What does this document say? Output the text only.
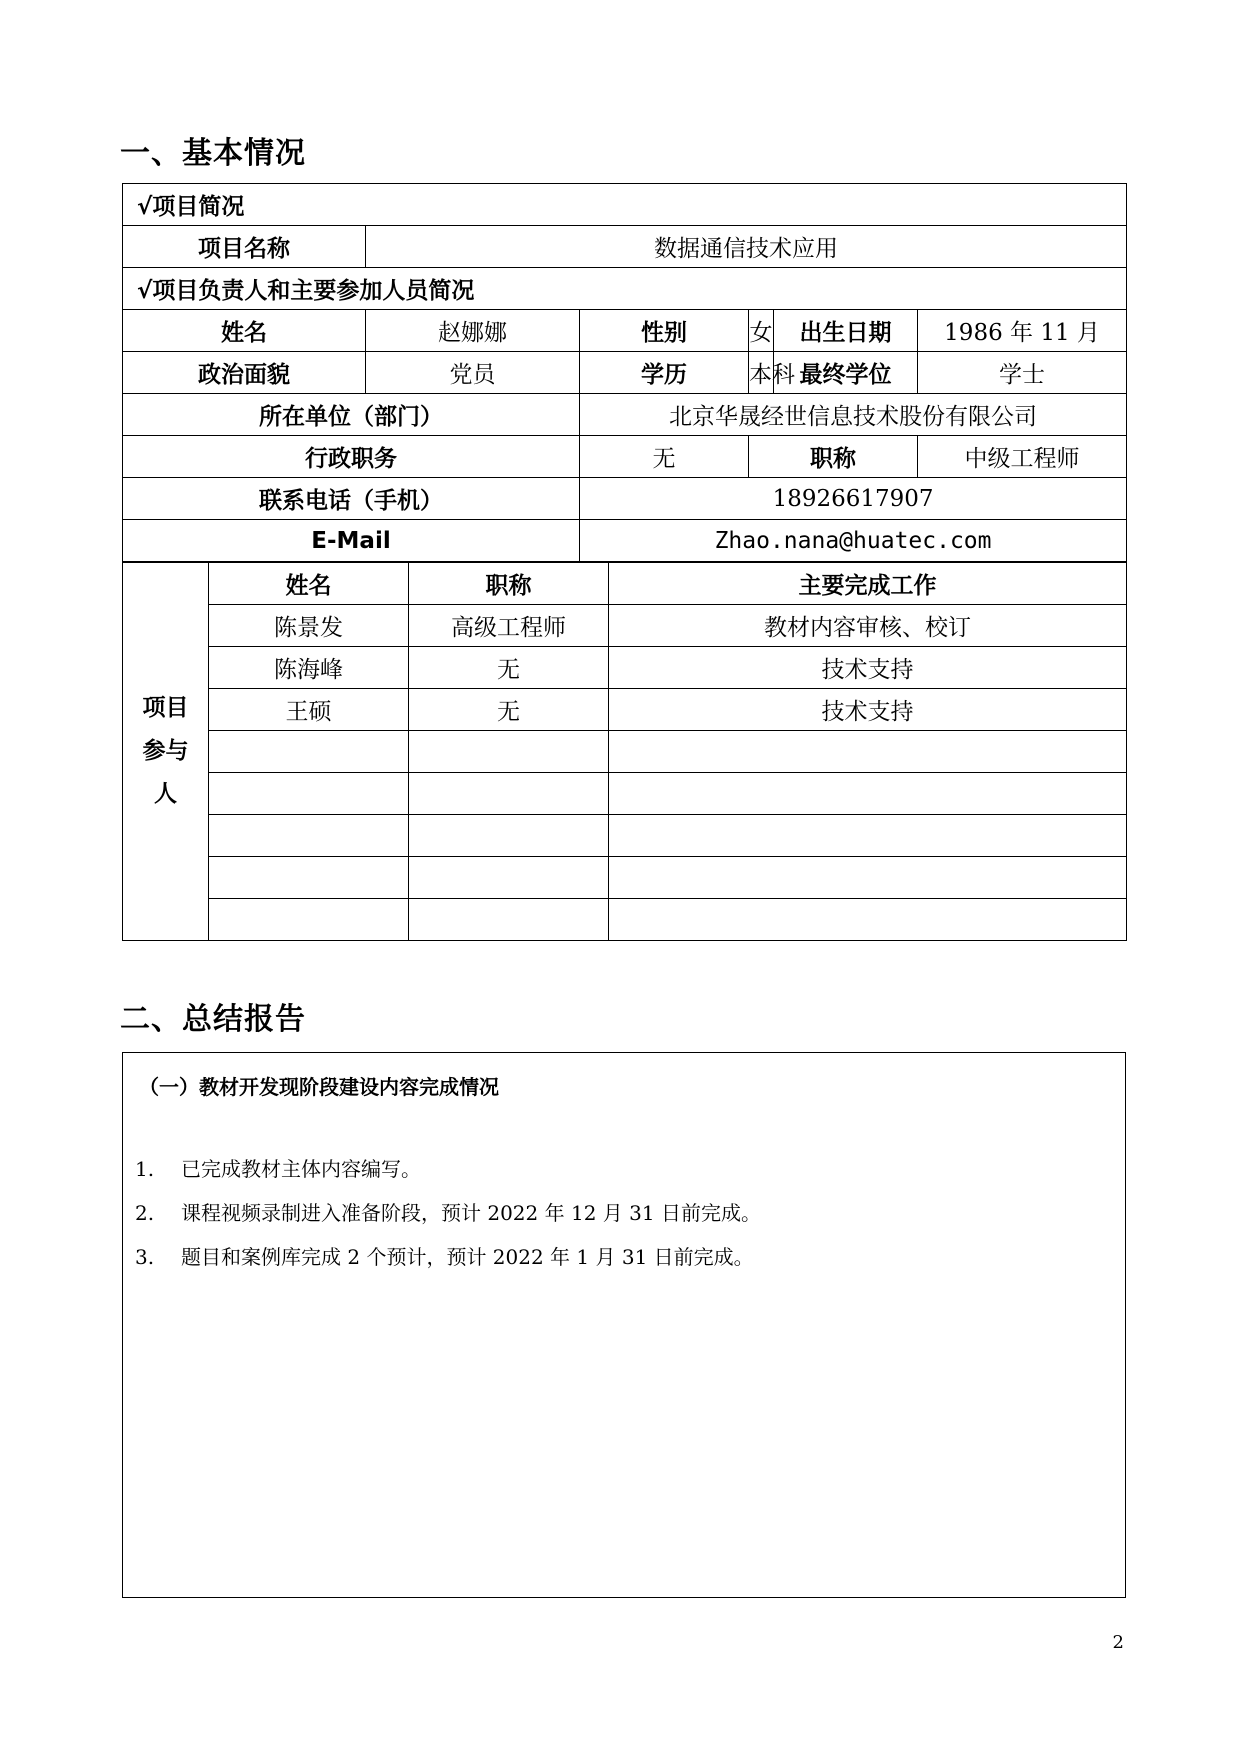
一、基本情况
√项目简况					
项目名称	数据通信技术应用				
√项目负责人和主要参加人员简况					
姓名	赵娜娜	性别	女	出生日期	1986 年 11 月
政治面貌	党员	学历	本科	最终学位	学士
所在单位（部门）		北京华晟经世信息技术股份有限公司			
行政职务		无	职称		中级工程师
联系电话（手机）		18926617907			
E-Mail		Zhao.nana@huatec.com			
项目参与人	姓名	职称	主要完成工作
	陈景发	高级工程师	教材内容审核、校订
	陈海峰	无	技术支持
	王硕	无	技术支持

二、总结报告
（一）教材开发现阶段建设内容完成情况
1. 已完成教材主体内容编写。
2. 课程视频录制进入准备阶段，预计 2022 年 12 月 31 日前完成。
3. 题目和案例库完成 2 个预计，预计 2022 年 1 月 31 日前完成。
2
